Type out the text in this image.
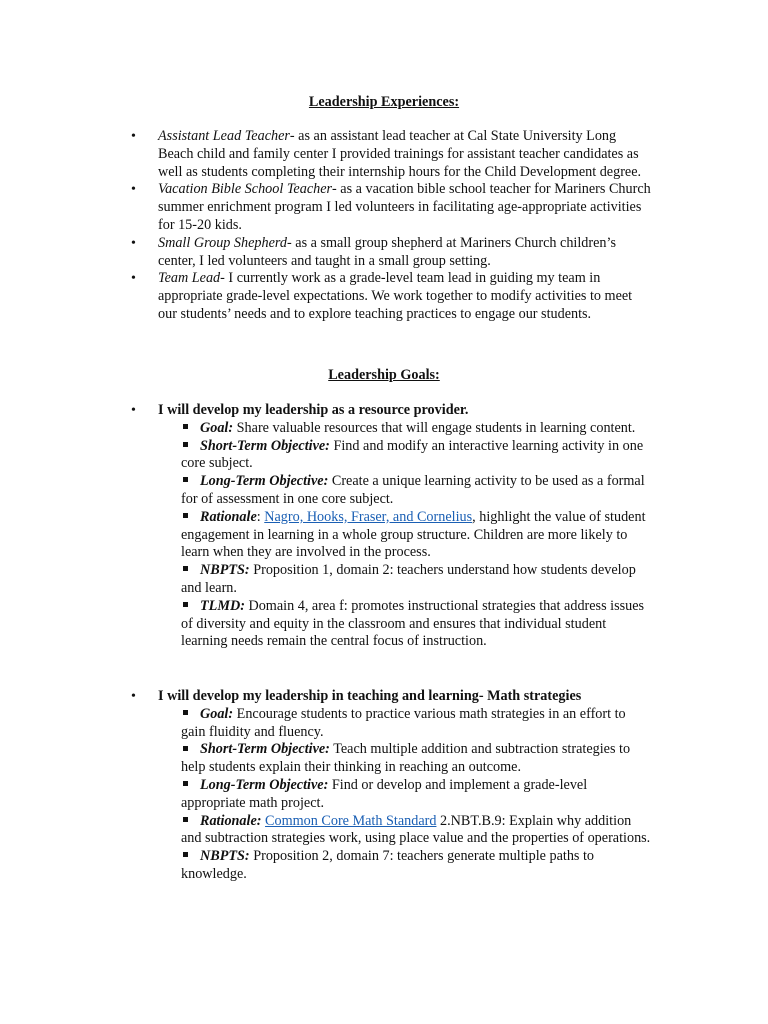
Leadership Experiences:
• Assistant Lead Teacher- as an assistant lead teacher at Cal State University Long Beach child and family center I provided trainings for assistant teacher candidates as well as students completing their internship hours for the Child Development degree.
• Vacation Bible School Teacher- as a vacation bible school teacher for Mariners Church summer enrichment program I led volunteers in facilitating age-appropriate activities for 15-20 kids.
• Small Group Shepherd- as a small group shepherd at Mariners Church children’s center, I led volunteers and taught in a small group setting.
• Team Lead- I currently work as a grade-level team lead in guiding my team in appropriate grade-level expectations. We work together to modify activities to meet our students’ needs and to explore teaching practices to engage our students.
Leadership Goals:
• I will develop my leadership as a resource provider.
Goal: Share valuable resources that will engage students in learning content.
Short-Term Objective: Find and modify an interactive learning activity in one core subject.
Long-Term Objective: Create a unique learning activity to be used as a formal for of assessment in one core subject.
Rationale: Nagro, Hooks, Fraser, and Cornelius, highlight the value of student engagement in learning in a whole group structure. Children are more likely to learn when they are involved in the process.
NBPTS: Proposition 1, domain 2: teachers understand how students develop and learn.
TLMD: Domain 4, area f: promotes instructional strategies that address issues of diversity and equity in the classroom and ensures that individual student learning needs remain the central focus of instruction.
• I will develop my leadership in teaching and learning- Math strategies
Goal: Encourage students to practice various math strategies in an effort to gain fluidity and fluency.
Short-Term Objective: Teach multiple addition and subtraction strategies to help students explain their thinking in reaching an outcome.
Long-Term Objective: Find or develop and implement a grade-level appropriate math project.
Rationale: Common Core Math Standard 2.NBT.B.9: Explain why addition and subtraction strategies work, using place value and the properties of operations.
NBPTS: Proposition 2, domain 7: teachers generate multiple paths to knowledge.
